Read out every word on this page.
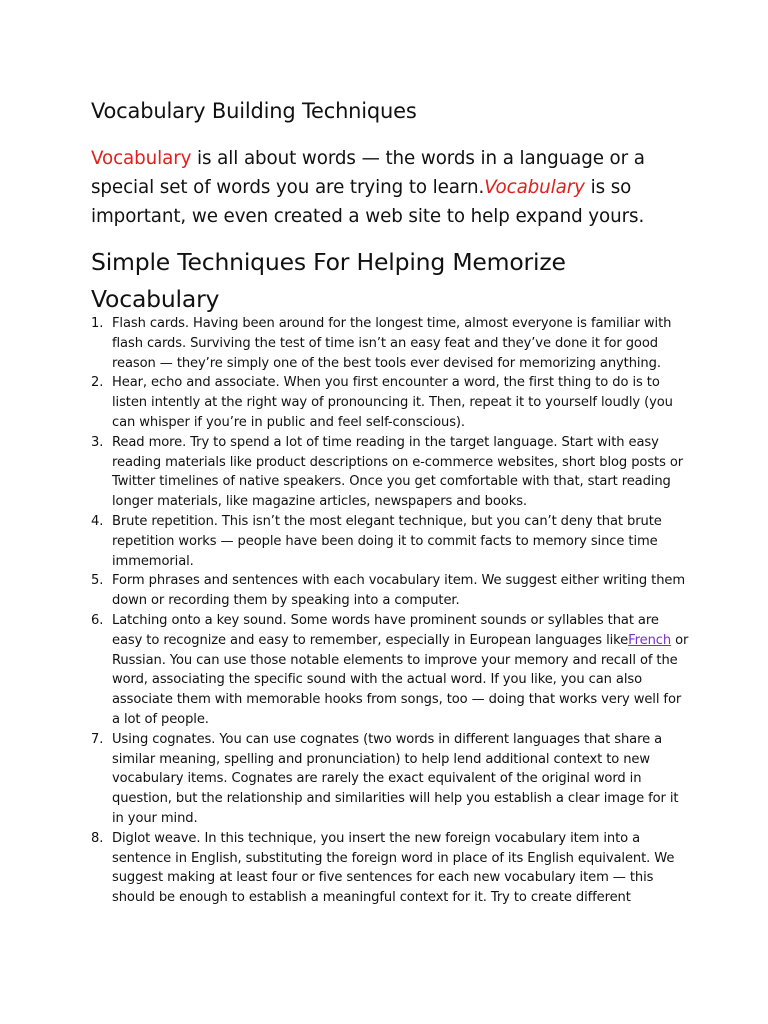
Vocabulary Building Techniques

Vocabulary is all about words — the words in a language or a special set of words you are trying to learn.Vocabulary is so important, we even created a web site to help expand yours.

Simple Techniques For Helping Memorize Vocabulary
1. Flash cards. Having been around for the longest time, almost everyone is familiar with flash cards. Surviving the test of time isn’t an easy feat and they’ve done it for good reason — they’re simply one of the best tools ever devised for memorizing anything.
2. Hear, echo and associate. When you first encounter a word, the first thing to do is to listen intently at the right way of pronouncing it. Then, repeat it to yourself loudly (you can whisper if you’re in public and feel self-conscious).
3. Read more. Try to spend a lot of time reading in the target language. Start with easy reading materials like product descriptions on e-commerce websites, short blog posts or Twitter timelines of native speakers. Once you get comfortable with that, start reading longer materials, like magazine articles, newspapers and books.
4. Brute repetition. This isn’t the most elegant technique, but you can’t deny that brute repetition works — people have been doing it to commit facts to memory since time immemorial.
5. Form phrases and sentences with each vocabulary item. We suggest either writing them down or recording them by speaking into a computer.
6. Latching onto a key sound. Some words have prominent sounds or syllables that are easy to recognize and easy to remember, especially in European languages likeFrench or Russian. You can use those notable elements to improve your memory and recall of the word, associating the specific sound with the actual word. If you like, you can also associate them with memorable hooks from songs, too — doing that works very well for a lot of people.
7. Using cognates. You can use cognates (two words in different languages that share a similar meaning, spelling and pronunciation) to help lend additional context to new vocabulary items. Cognates are rarely the exact equivalent of the original word in question, but the relationship and similarities will help you establish a clear image for it in your mind.
8. Diglot weave. In this technique, you insert the new foreign vocabulary item into a sentence in English, substituting the foreign word in place of its English equivalent. We suggest making at least four or five sentences for each new vocabulary item — this should be enough to establish a meaningful context for it. Try to create different
